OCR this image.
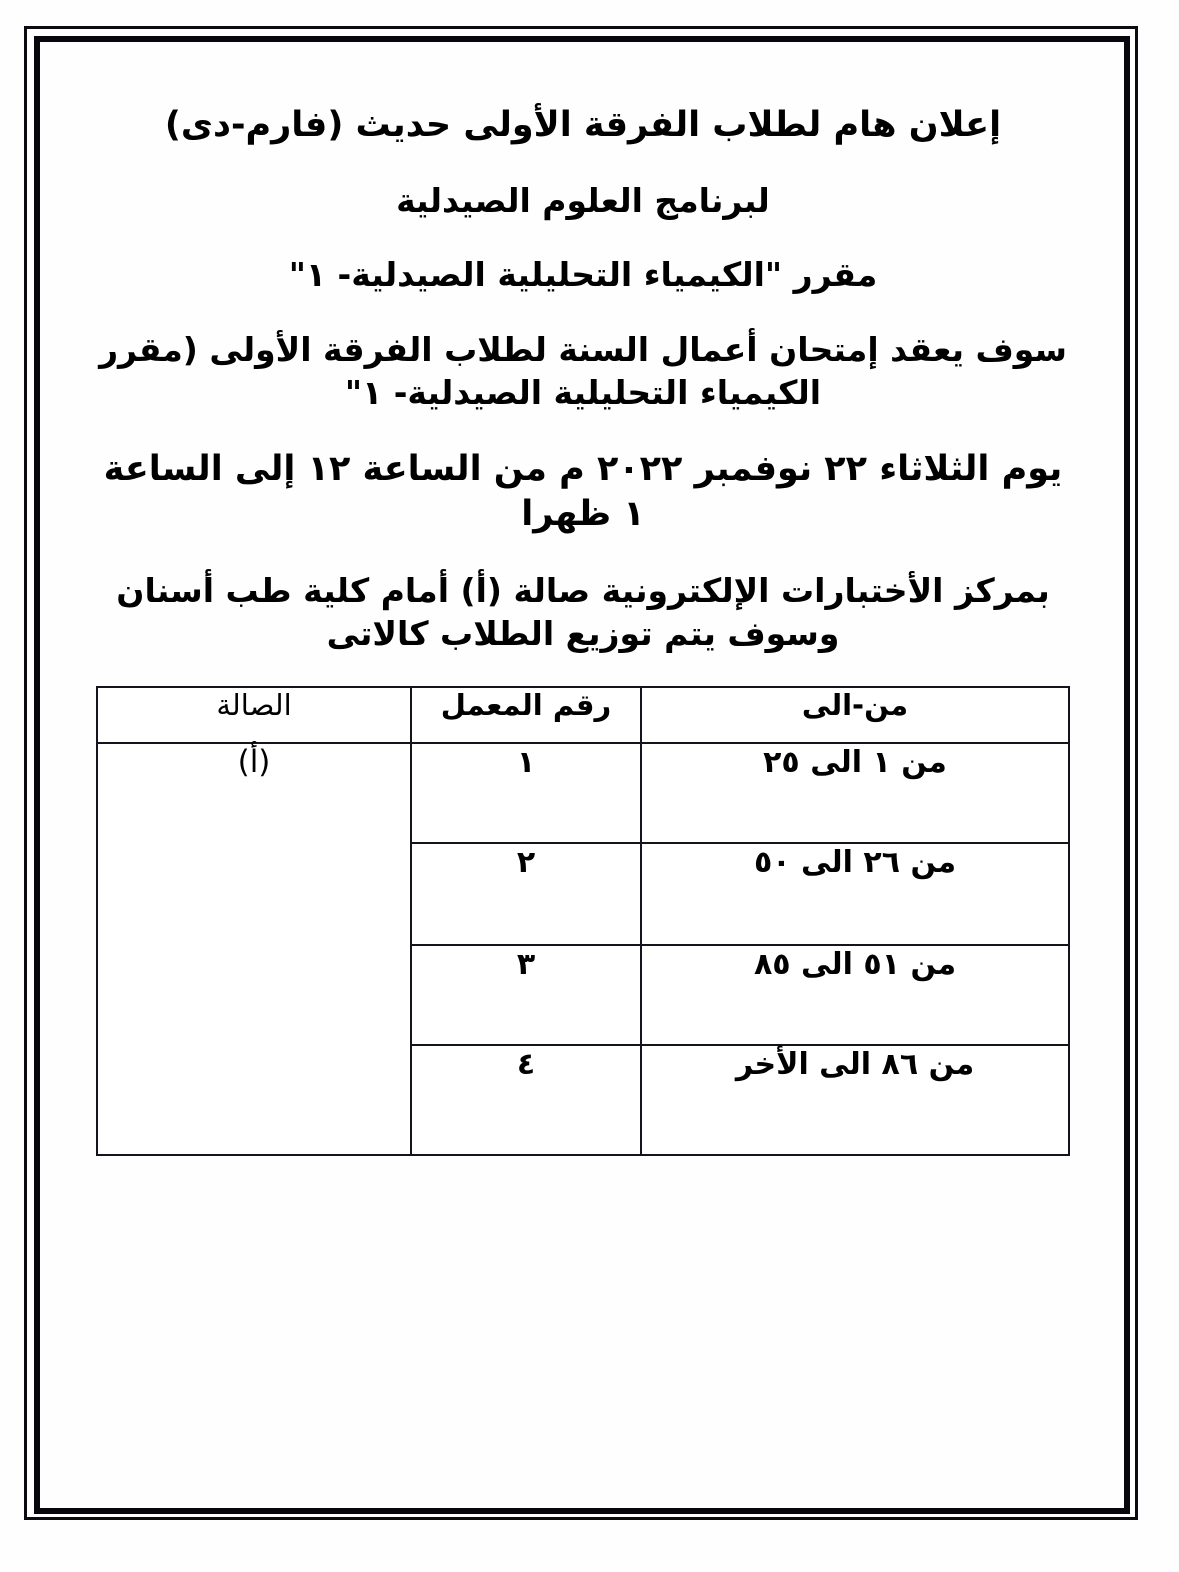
إعلان هام لطلاب الفرقة الأولى حديث (فارم-دى)
لبرنامج العلوم الصيدلية
مقرر "الكيمياء التحليلية الصيدلية- ١"
سوف يعقد إمتحان أعمال السنة لطلاب الفرقة الأولى (مقرر الكيمياء التحليلية الصيدلية- ١"
يوم الثلاثاء ٢٢ نوفمبر ٢٠٢٢ م من الساعة ١٢ إلى الساعة ١ ظهرا
بمركز الأختبارات الإلكترونية صالة (أ) أمام كلية طب أسنان وسوف يتم توزيع الطلاب كالاتى
من-الى	رقم المعمل	الصالة
من ١ الى ٢٥	١	(أ)
من ٢٦ الى ٥٠	٢	
من ٥١ الى ٨٥	٣	
من ٨٦ الى الأخر	٤	
